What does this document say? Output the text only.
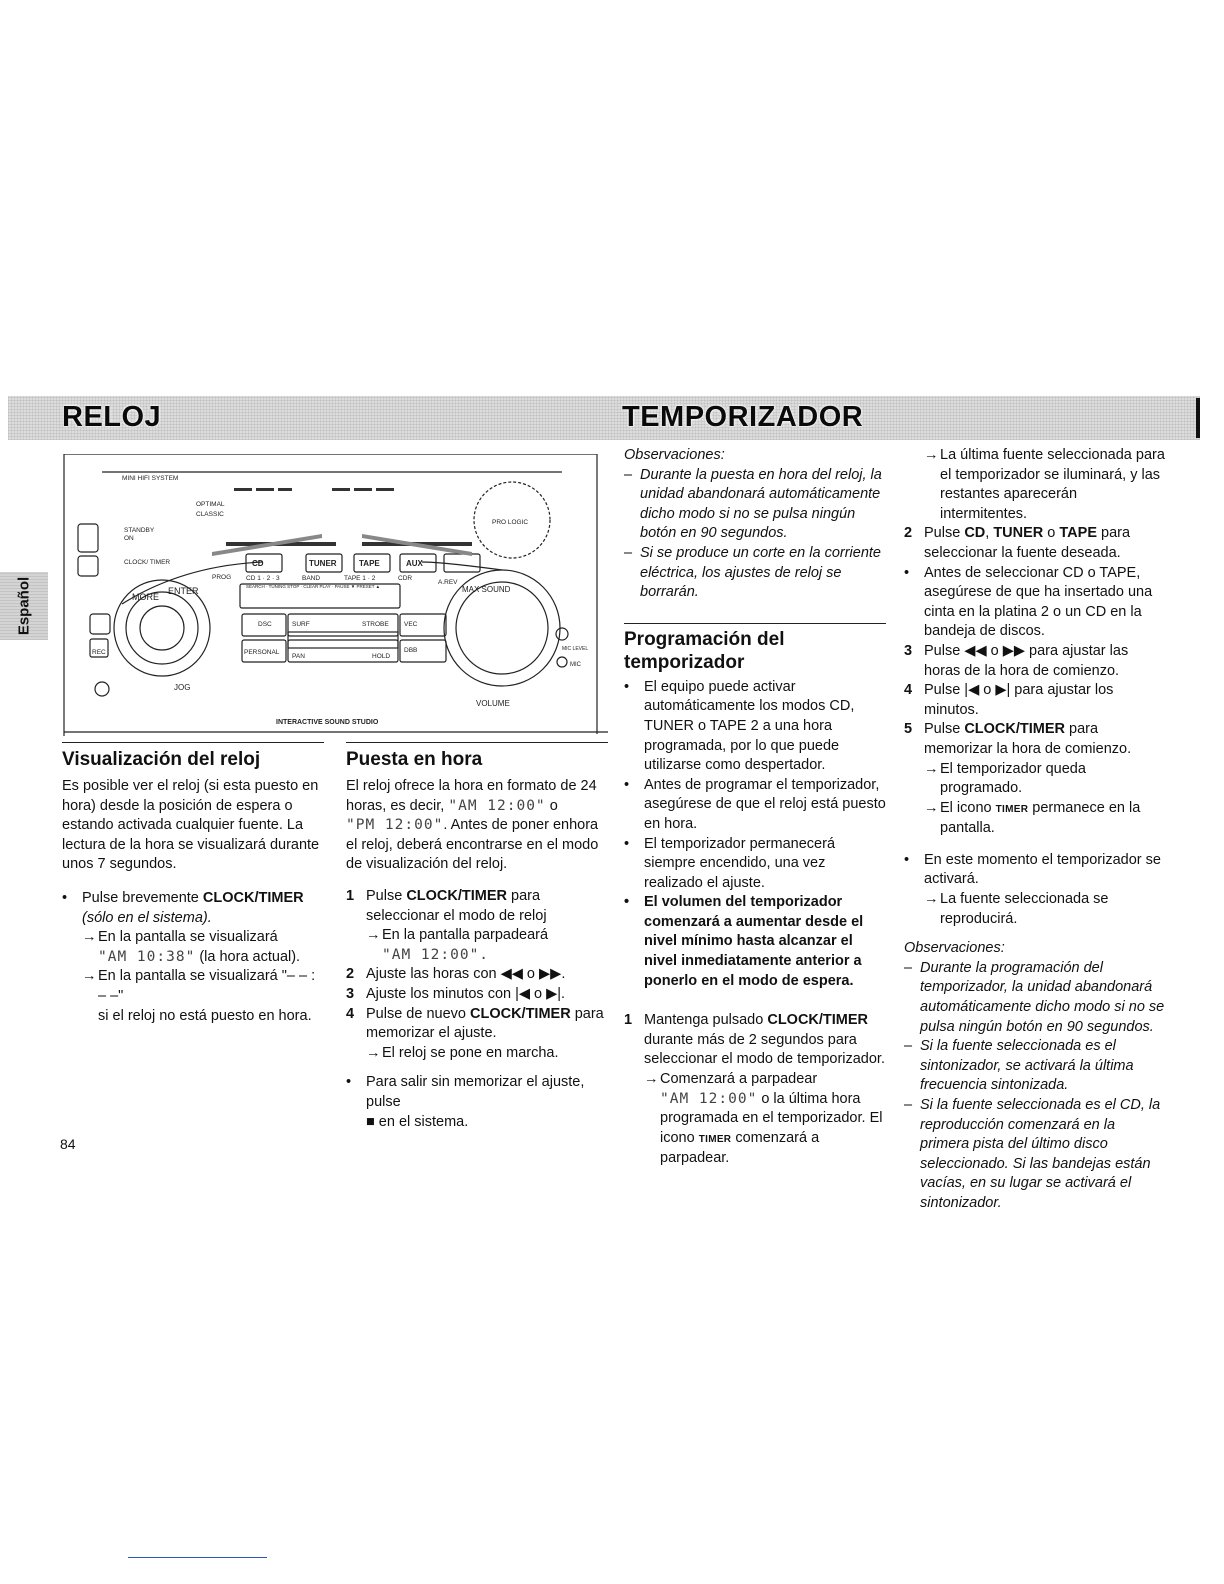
RELOJ	TEMPORIZADOR
Español
MINI HIFI SYSTEM
STANDBY
ON
CLOCK/ TIMER
OPTIMAL
CLASSIC
MORE
ENTER
PROG
CD	TUNER	TAPE	AUX
CD 1 · 2 · 3	BAND	TAPE 1 · 2	CDR
SEARCH · TUNING STOP · CLEAR PLAY · PAUSE ▼ PRESET ▲
A.REV
MAX SOUND
PRO LOGIC
REC
JOG
DSC
PERSONAL
SURF	STROBE
PAN	HOLD
VEC
DBB	MIC LEVEL
MIC
VOLUME
INTERACTIVE SOUND STUDIO
Visualización del reloj

Es posible ver el reloj (si esta puesto en hora) desde la posición de espera o estando activada cualquier fuente. La lectura de la hora se visualizará durante unos 7 segundos.

•	Pulse brevemente CLOCK/TIMER (sólo en el sistema).

→ En la pantalla se visualizará
"AM 10:38" (la hora actual).

→ En la pantalla se visualizará "– – : – –"
si el reloj no está puesto en hora.

Puesta en hora

El reloj ofrece la hora en formato de 24 horas, es decir, "AM 12:00" o
"PM 12:00". Antes de poner enhora el reloj, deberá encontrarse en el modo de visualización del reloj.

1 Pulse CLOCK/TIMER para seleccionar el modo de reloj

→ En la pantalla parpadeará
"AM 12:00".

2 Ajuste las horas con ◀◀ o ▶▶.

3 Ajuste los minutos con |◀ o ▶|.

4 Pulse de nuevo CLOCK/TIMER para memorizar el ajuste.

→ El reloj se pone en marcha.

•	Para salir sin memorizar el ajuste, pulse
■ en el sistema.

Observaciones:

– Durante la puesta en hora del reloj, la unidad abandonará automáticamente dicho modo si no se pulsa ningún botón en 90 segundos.

– Si se produce un corte en la corriente eléctrica, los ajustes de reloj se borrarán.

Programación del temporizador
•	El equipo puede activar automáticamente los modos CD, TUNER o TAPE 2 a una hora programada, por lo que puede utilizarse como despertador.

•	Antes de programar el temporizador, asegúrese de que el reloj está puesto en hora.

•	El temporizador permanecerá siempre encendido, una vez realizado el ajuste.

•	El volumen del temporizador comenzará a aumentar desde el nivel mínimo hasta alcanzar el nivel inmediatamente anterior a ponerlo en el modo de espera.

1 Mantenga pulsado CLOCK/TIMER durante más de 2 segundos para seleccionar el modo de temporizador.

→ Comenzará a parpadear
"AM 12:00" o la última hora programada en el temporizador. El icono TIMER comenzará a parpadear.

→ La última fuente seleccionada para el temporizador se iluminará, y las restantes aparecerán intermitentes.

2 Pulse CD, TUNER o TAPE para seleccionar la fuente deseada.

•	Antes de seleccionar CD o TAPE, asegúrese de que ha insertado una cinta en la platina 2 o un CD en la bandeja de discos.

3 Pulse ◀◀ o ▶▶ para ajustar las horas de la hora de comienzo.

4 Pulse |◀ o ▶| para ajustar los minutos.

5 Pulse CLOCK/TIMER para memorizar la hora de comienzo.

→ El temporizador queda programado.

→ El icono TIMER permanece en la pantalla.

•	En este momento el temporizador se activará.

→ La fuente seleccionada se reproducirá.

Observaciones:

– Durante la programación del temporizador, la unidad abandonará automáticamente dicho modo si no se pulsa ningún botón en 90 segundos.

– Si la fuente seleccionada es el sintonizador, se activará la última frecuencia sintonizada.

– Si la fuente seleccionada es el CD, la reproducción comenzará en la primera pista del último disco seleccionado. Si las bandejas están vacías, en su lugar se activará el sintonizador.

84
